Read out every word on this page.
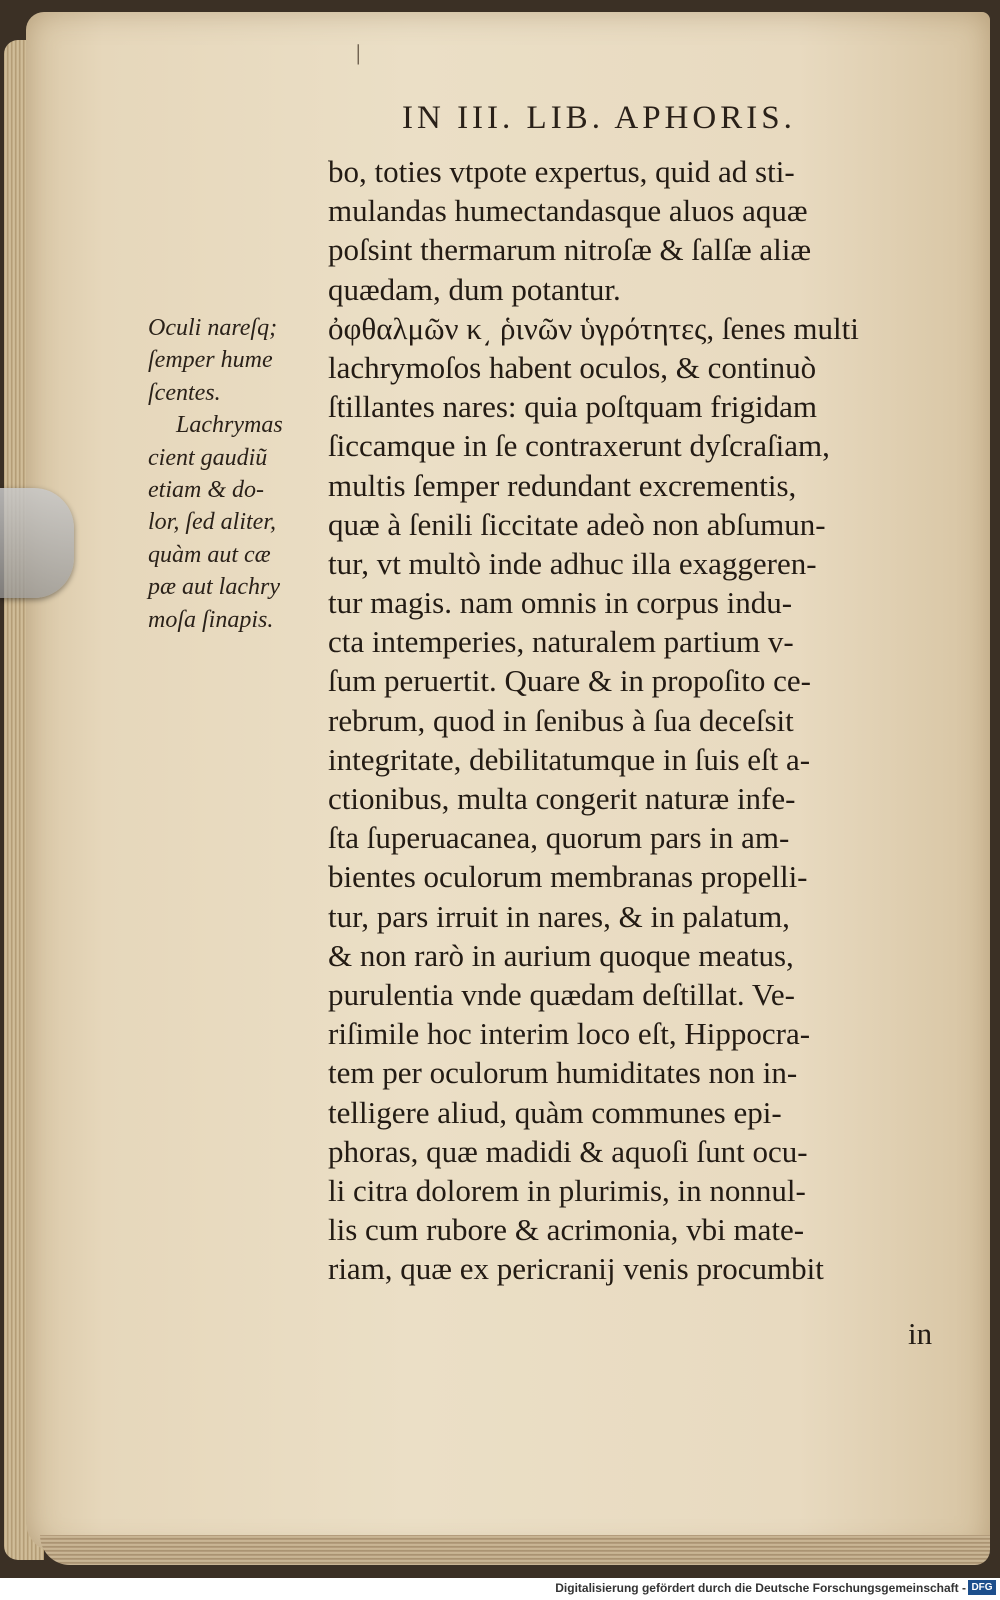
|
IN III. LIB. APHORIS.
Oculi nareſq;
ſemper hume
ſcentes.
Lachrymas
cient gaudiũ
etiam & do-
lor, ſed aliter,
quàm aut cæ
pæ aut lachry
moſa ſinapis.
bo, toties vtpote expertus, quid ad sti-
mulandas humectandasque aluos aquæ
poſsint thermarum nitroſæ & ſalſæ aliæ
quædam, dum potantur.
ὀφθαλμῶν κ͵ ῥινῶν ὑγρότητες, ſenes multi
lachrymoſos habent oculos, & continuò
ſtillantes nares: quia poſtquam frigidam
ſiccamque in ſe contraxerunt dyſcraſiam,
multis ſemper redundant excrementis,
quæ à ſenili ſiccitate adeò non abſumun-
tur, vt multò inde adhuc illa exaggeren-
tur magis. nam omnis in corpus indu-
cta intemperies, naturalem partium v-
ſum peruertit. Quare & in propoſito ce-
rebrum, quod in ſenibus à ſua deceſsit
integritate, debilitatumque in ſuis eſt a-
ctionibus, multa congerit naturæ infe-
ſta ſuperuacanea, quorum pars in am-
bientes oculorum membranas propelli-
tur, pars irruit in nares, & in palatum,
& non rarò in aurium quoque meatus,
purulentia vnde quædam deſtillat. Ve-
riſimile hoc interim loco eſt, Hippocra-
tem per oculorum humiditates non in-
telligere aliud, quàm communes epi-
phoras, quæ madidi & aquoſi ſunt ocu-
li citra dolorem in plurimis, in nonnul-
lis cum rubore & acrimonia, vbi mate-
riam, quæ ex pericranij venis procumbit
in
Digitalisierung gefördert durch die Deutsche Forschungsgemeinschaft - DFG
